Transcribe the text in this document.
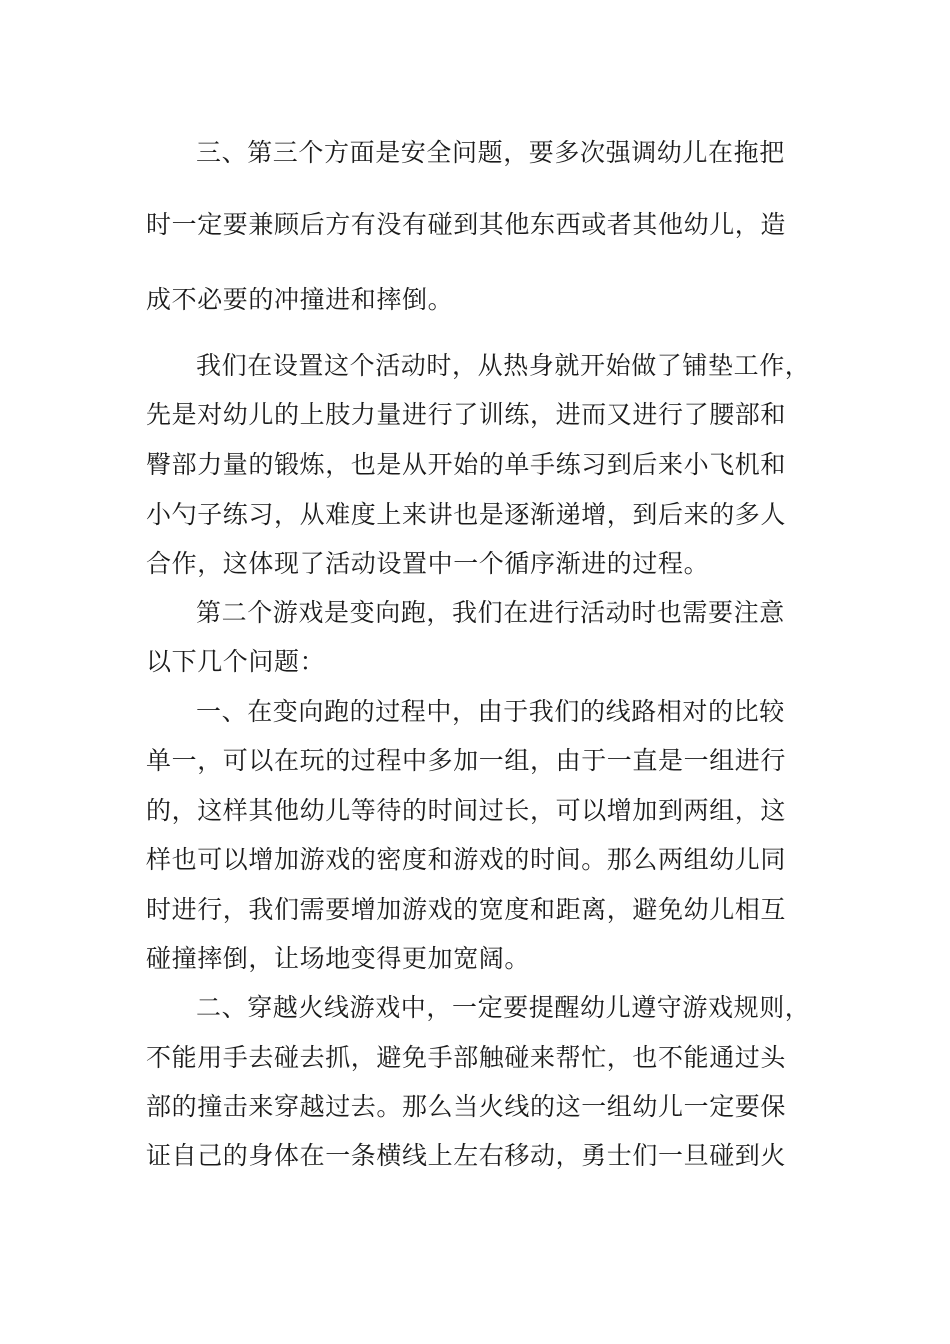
三、第三个方面是安全问题，要多次强调幼儿在拖把
时一定要兼顾后方有没有碰到其他东西或者其他幼儿，造
成不必要的冲撞进和摔倒。
我们在设置这个活动时，从热身就开始做了铺垫工作，
先是对幼儿的上肢力量进行了训练，进而又进行了腰部和
臀部力量的锻炼，也是从开始的单手练习到后来小飞机和
小勺子练习，从难度上来讲也是逐渐递增，到后来的多人
合作，这体现了活动设置中一个循序渐进的过程。
第二个游戏是变向跑，我们在进行活动时也需要注意
以下几个问题：
一、在变向跑的过程中，由于我们的线路相对的比较
单一，可以在玩的过程中多加一组，由于一直是一组进行
的，这样其他幼儿等待的时间过长，可以增加到两组，这
样也可以增加游戏的密度和游戏的时间。那么两组幼儿同
时进行，我们需要增加游戏的宽度和距离，避免幼儿相互
碰撞摔倒，让场地变得更加宽阔。
二、穿越火线游戏中，一定要提醒幼儿遵守游戏规则，
不能用手去碰去抓，避免手部触碰来帮忙，也不能通过头
部的撞击来穿越过去。那么当火线的这一组幼儿一定要保
证自己的身体在一条横线上左右移动，勇士们一旦碰到火
